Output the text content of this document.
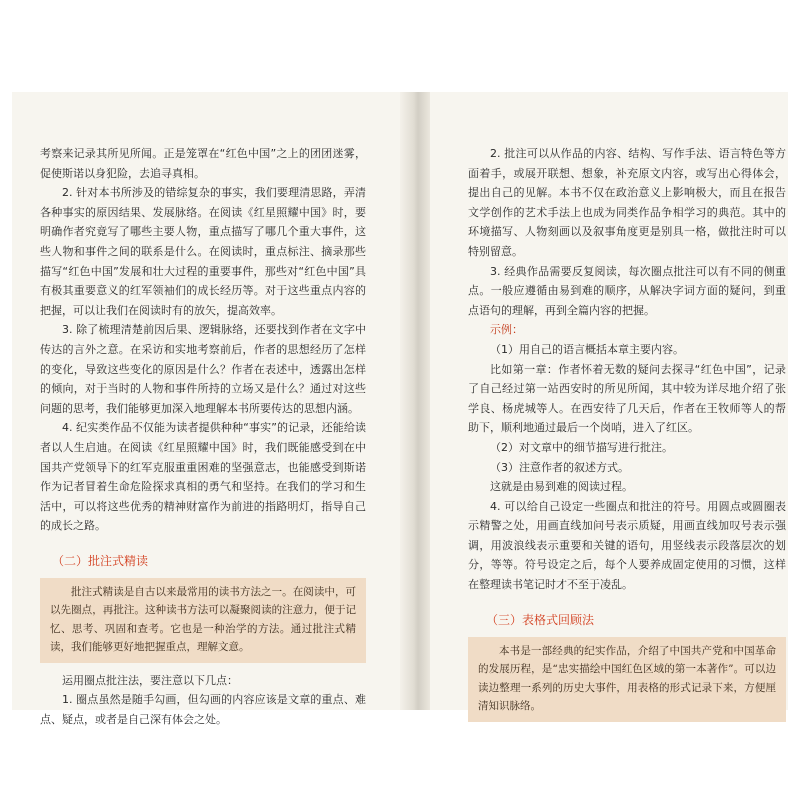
考察来记录其所见所闻。正是笼罩在“红色中国”之上的团团迷雾，促使斯诺以身犯险，去追寻真相。

2. 针对本书所涉及的错综复杂的事实，我们要理清思路，弄清各种事实的原因结果、发展脉络。在阅读《红星照耀中国》时，要明确作者究竟写了哪些主要人物，重点描写了哪几个重大事件，这些人物和事件之间的联系是什么。在阅读时，重点标注、摘录那些描写“红色中国”发展和壮大过程的重要事件，那些对“红色中国”具有极其重要意义的红军领袖们的成长经历等。对于这些重点内容的把握，可以让我们在阅读时有的放矢，提高效率。

3. 除了梳理清楚前因后果、逻辑脉络，还要找到作者在文字中传达的言外之意。在采访和实地考察前后，作者的思想经历了怎样的变化，导致这些变化的原因是什么？作者在表述中，透露出怎样的倾向，对于当时的人物和事件所持的立场又是什么？通过对这些问题的思考，我们能够更加深入地理解本书所要传达的思想内涵。

4. 纪实类作品不仅能为读者提供种种“事实”的记录，还能给读者以人生启迪。在阅读《红星照耀中国》时，我们既能感受到在中国共产党领导下的红军克服重重困难的坚强意志，也能感受到斯诺作为记者冒着生命危险探求真相的勇气和坚持。在我们的学习和生活中，可以将这些优秀的精神财富作为前进的指路明灯，指导自己的成长之路。

（二）批注式精读
批注式精读是自古以来最常用的读书方法之一。在阅读中，可以先圈点，再批注。这种读书方法可以凝聚阅读的注意力，便于记忆、思考、巩固和查考。它也是一种治学的方法。通过批注式精读，我们能够更好地把握重点，理解文意。

运用圈点批注法，要注意以下几点：

1. 圈点虽然是随手勾画，但勾画的内容应该是文章的重点、难点、疑点，或者是自己深有体会之处。

2. 批注可以从作品的内容、结构、写作手法、语言特色等方面着手，或展开联想、想象，补充原文内容，或写出心得体会，提出自己的见解。本书不仅在政治意义上影响极大，而且在报告文学创作的艺术手法上也成为同类作品争相学习的典范。其中的环境描写、人物刻画以及叙事角度更是别具一格，做批注时可以特别留意。

3. 经典作品需要反复阅读，每次圈点批注可以有不同的侧重点。一般应遵循由易到难的顺序，从解决字词方面的疑问，到重点语句的理解，再到全篇内容的把握。

示例：

（1）用自己的语言概括本章主要内容。

比如第一章：作者怀着无数的疑问去探寻“红色中国”，记录了自己经过第一站西安时的所见所闻，其中较为详尽地介绍了张学良、杨虎城等人。在西安待了几天后，作者在王牧师等人的帮助下，顺利地通过最后一个岗哨，进入了红区。

（2）对文章中的细节描写进行批注。

（3）注意作者的叙述方式。

这就是由易到难的阅读过程。

4. 可以给自己设定一些圈点和批注的符号。用圆点或圆圈表示精警之处，用画直线加问号表示质疑，用画直线加叹号表示强调，用波浪线表示重要和关键的语句，用竖线表示段落层次的划分，等等。符号设定之后，每个人要养成固定使用的习惯，这样在整理读书笔记时才不至于凌乱。

（三）表格式回顾法
本书是一部经典的纪实作品，介绍了中国共产党和中国革命的发展历程，是“忠实描绘中国红色区域的第一本著作”。可以边读边整理一系列的历史大事件，用表格的形式记录下来，方便厘清知识脉络。
